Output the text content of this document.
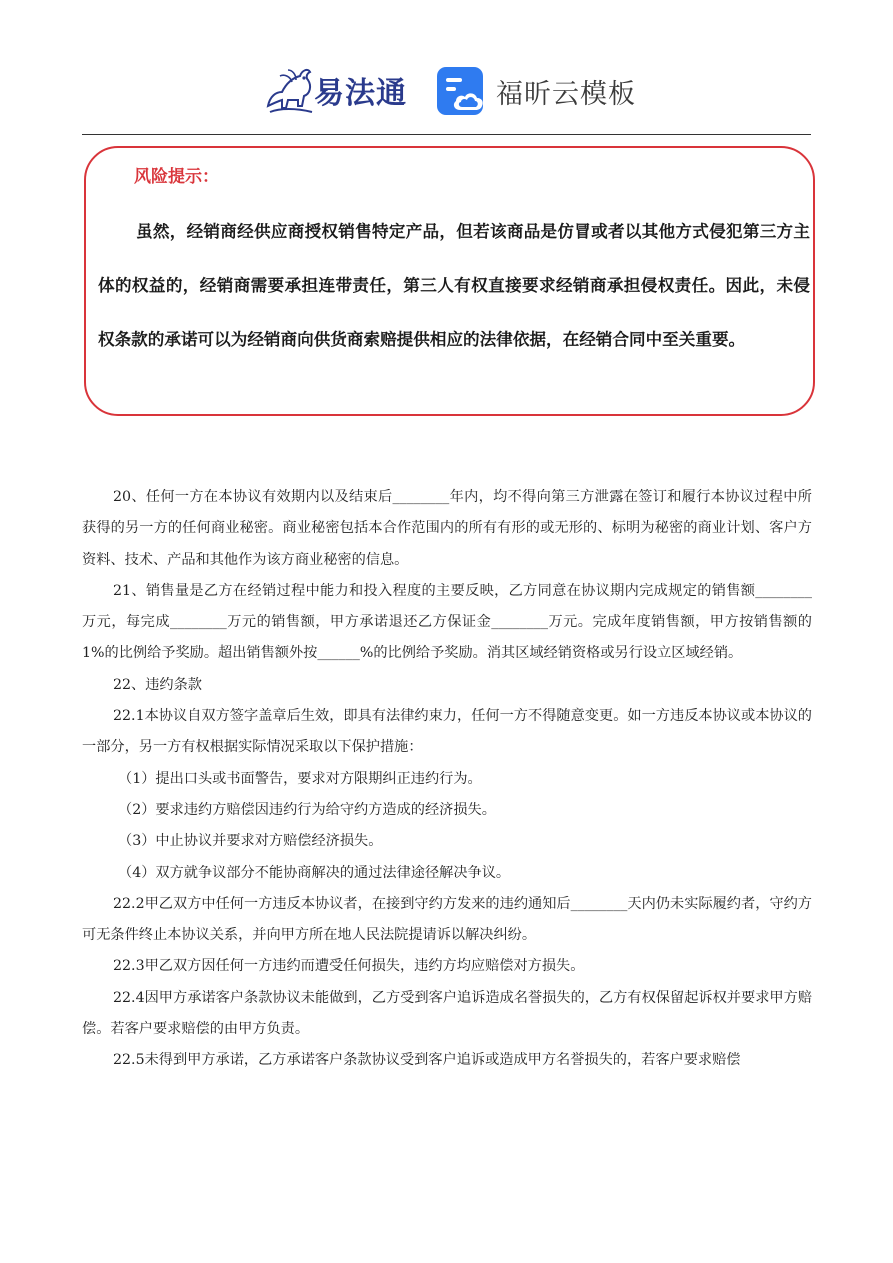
易法通	福昕云模板
风险提示：

虽然，经销商经供应商授权销售特定产品，但若该商品是仿冒或者以其他方式侵犯第三方主体的权益的，经销商需要承担连带责任，第三人有权直接要求经销商承担侵权责任。因此，未侵权条款的承诺可以为经销商向供货商索赔提供相应的法律依据，在经销合同中至关重要。

20、任何一方在本协议有效期内以及结束后________年内，均不得向第三方泄露在签订和履行本协议过程中所获得的另一方的任何商业秘密。商业秘密包括本合作范围内的所有有形的或无形的、标明为秘密的商业计划、客户方资料、技术、产品和其他作为该方商业秘密的信息。

21、销售量是乙方在经销过程中能力和投入程度的主要反映，乙方同意在协议期内完成规定的销售额________万元，每完成________万元的销售额，甲方承诺退还乙方保证金________万元。完成年度销售额，甲方按销售额的1%的比例给予奖励。超出销售额外按______%的比例给予奖励。消其区域经销资格或另行设立区域经销。

22、违约条款

22.1本协议自双方签字盖章后生效，即具有法律约束力，任何一方不得随意变更。如一方违反本协议或本协议的一部分，另一方有权根据实际情况采取以下保护措施：

（1）提出口头或书面警告，要求对方限期纠正违约行为。

（2）要求违约方赔偿因违约行为给守约方造成的经济损失。

（3）中止协议并要求对方赔偿经济损失。

（4）双方就争议部分不能协商解决的通过法律途径解决争议。

22.2甲乙双方中任何一方违反本协议者，在接到守约方发来的违约通知后________天内仍未实际履约者，守约方可无条件终止本协议关系，并向甲方所在地人民法院提请诉以解决纠纷。

22.3甲乙双方因任何一方违约而遭受任何损失，违约方均应赔偿对方损失。

22.4因甲方承诺客户条款协议未能做到，乙方受到客户追诉造成名誉损失的，乙方有权保留起诉权并要求甲方赔偿。若客户要求赔偿的由甲方负责。

22.5未得到甲方承诺，乙方承诺客户条款协议受到客户追诉或造成甲方名誉损失的，若客户要求赔偿
